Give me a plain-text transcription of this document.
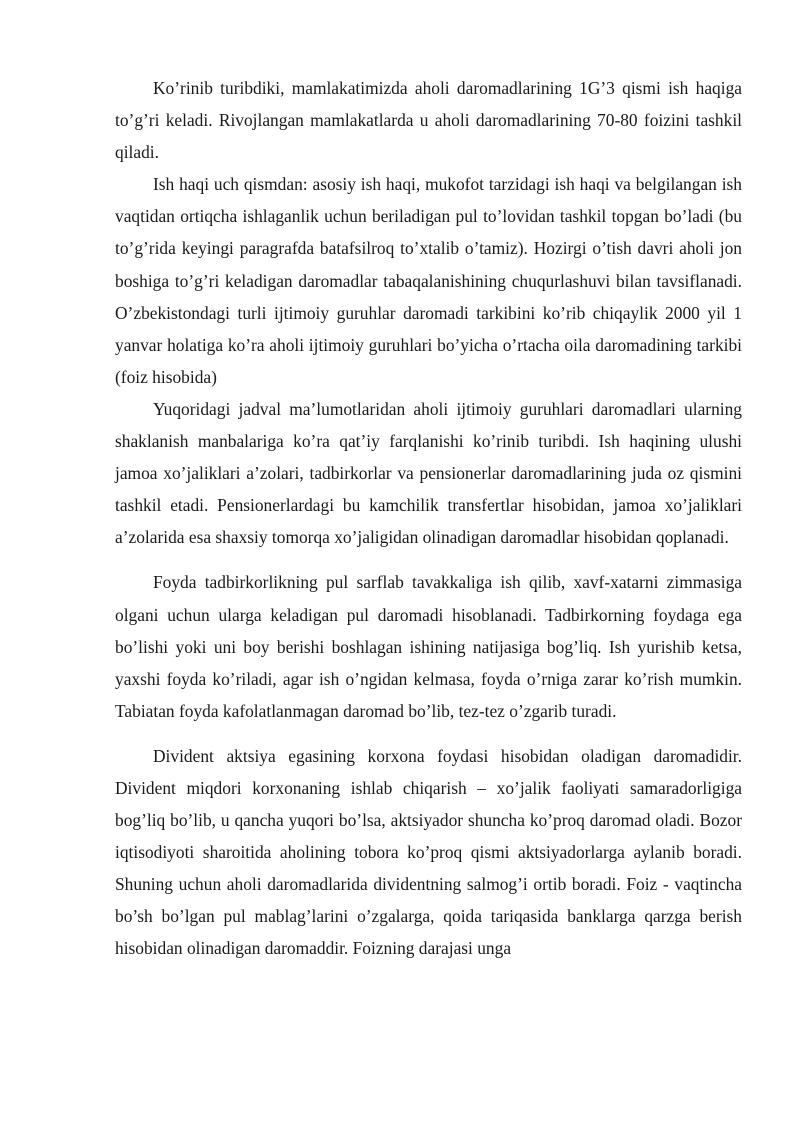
Ko’rinib turibdiki, mamlakatimizda aholi daromadlarining 1G’3 qismi ish haqiga to’g’ri keladi. Rivojlangan mamlakatlarda u aholi daromadlarining 70-80 foizini tashkil qiladi.

Ish haqi uch qismdan: asosiy ish haqi, mukofot tarzidagi ish haqi va belgilangan ish vaqtidan ortiqcha ishlaganlik uchun beriladigan pul to’lovidan tashkil topgan bo’ladi (bu to’g’rida keyingi paragrafda batafsilroq to’xtalib o’tamiz). Hozirgi o’tish davri aholi jon boshiga to’g’ri keladigan daromadlar tabaqalanishining chuqurlashuvi bilan tavsiflanadi. O’zbekistondagi turli ijtimoiy guruhlar daromadi tarkibini ko’rib chiqaylik 2000 yil 1 yanvar holatiga ko’ra aholi ijtimoiy guruhlari bo’yicha o’rtacha oila daromadining tarkibi (foiz hisobida)

Yuqoridagi jadval ma’lumotlaridan aholi ijtimoiy guruhlari daromadlari ularning shaklanish manbalariga ko’ra qat’iy farqlanishi ko’rinib turibdi. Ish haqining ulushi jamoa xo’jaliklari a’zolari, tadbirkorlar va pensionerlar daromadlarining juda oz qismini tashkil etadi. Pensionerlardagi bu kamchilik transfertlar hisobidan, jamoa xo’jaliklari a’zolarida esa shaxsiy tomorqa xo’jaligidan olinadigan daromadlar hisobidan qoplanadi.

Foyda tadbirkorlikning pul sarflab tavakkaliga ish qilib, xavf-xatarni zimmasiga olgani uchun ularga keladigan pul daromadi hisoblanadi. Tadbirkorning foydaga ega bo’lishi yoki uni boy berishi boshlagan ishining natijasiga bog’liq. Ish yurishib ketsa, yaxshi foyda ko’riladi, agar ish o’ngidan kelmasa, foyda o’rniga zarar ko’rish mumkin. Tabiatan foyda kafolatlanmagan daromad bo’lib, tez-tez o’zgarib turadi.

Divident aktsiya egasining korxona foydasi hisobidan oladigan daromadidir. Divident miqdori korxonaning ishlab chiqarish – xo’jalik faoliyati samaradorligiga bog’liq bo’lib, u qancha yuqori bo’lsa, aktsiyador shuncha ko’proq daromad oladi. Bozor iqtisodiyoti sharoitida aholining tobora ko’proq qismi aktsiyadorlarga aylanib boradi. Shuning uchun aholi daromadlarida dividentning salmog’i ortib boradi. Foiz - vaqtincha bo’sh bo’lgan pul mablag’larini o’zgalarga, qoida tariqasida banklarga qarzga berish hisobidan olinadigan daromaddir. Foizning darajasi unga
